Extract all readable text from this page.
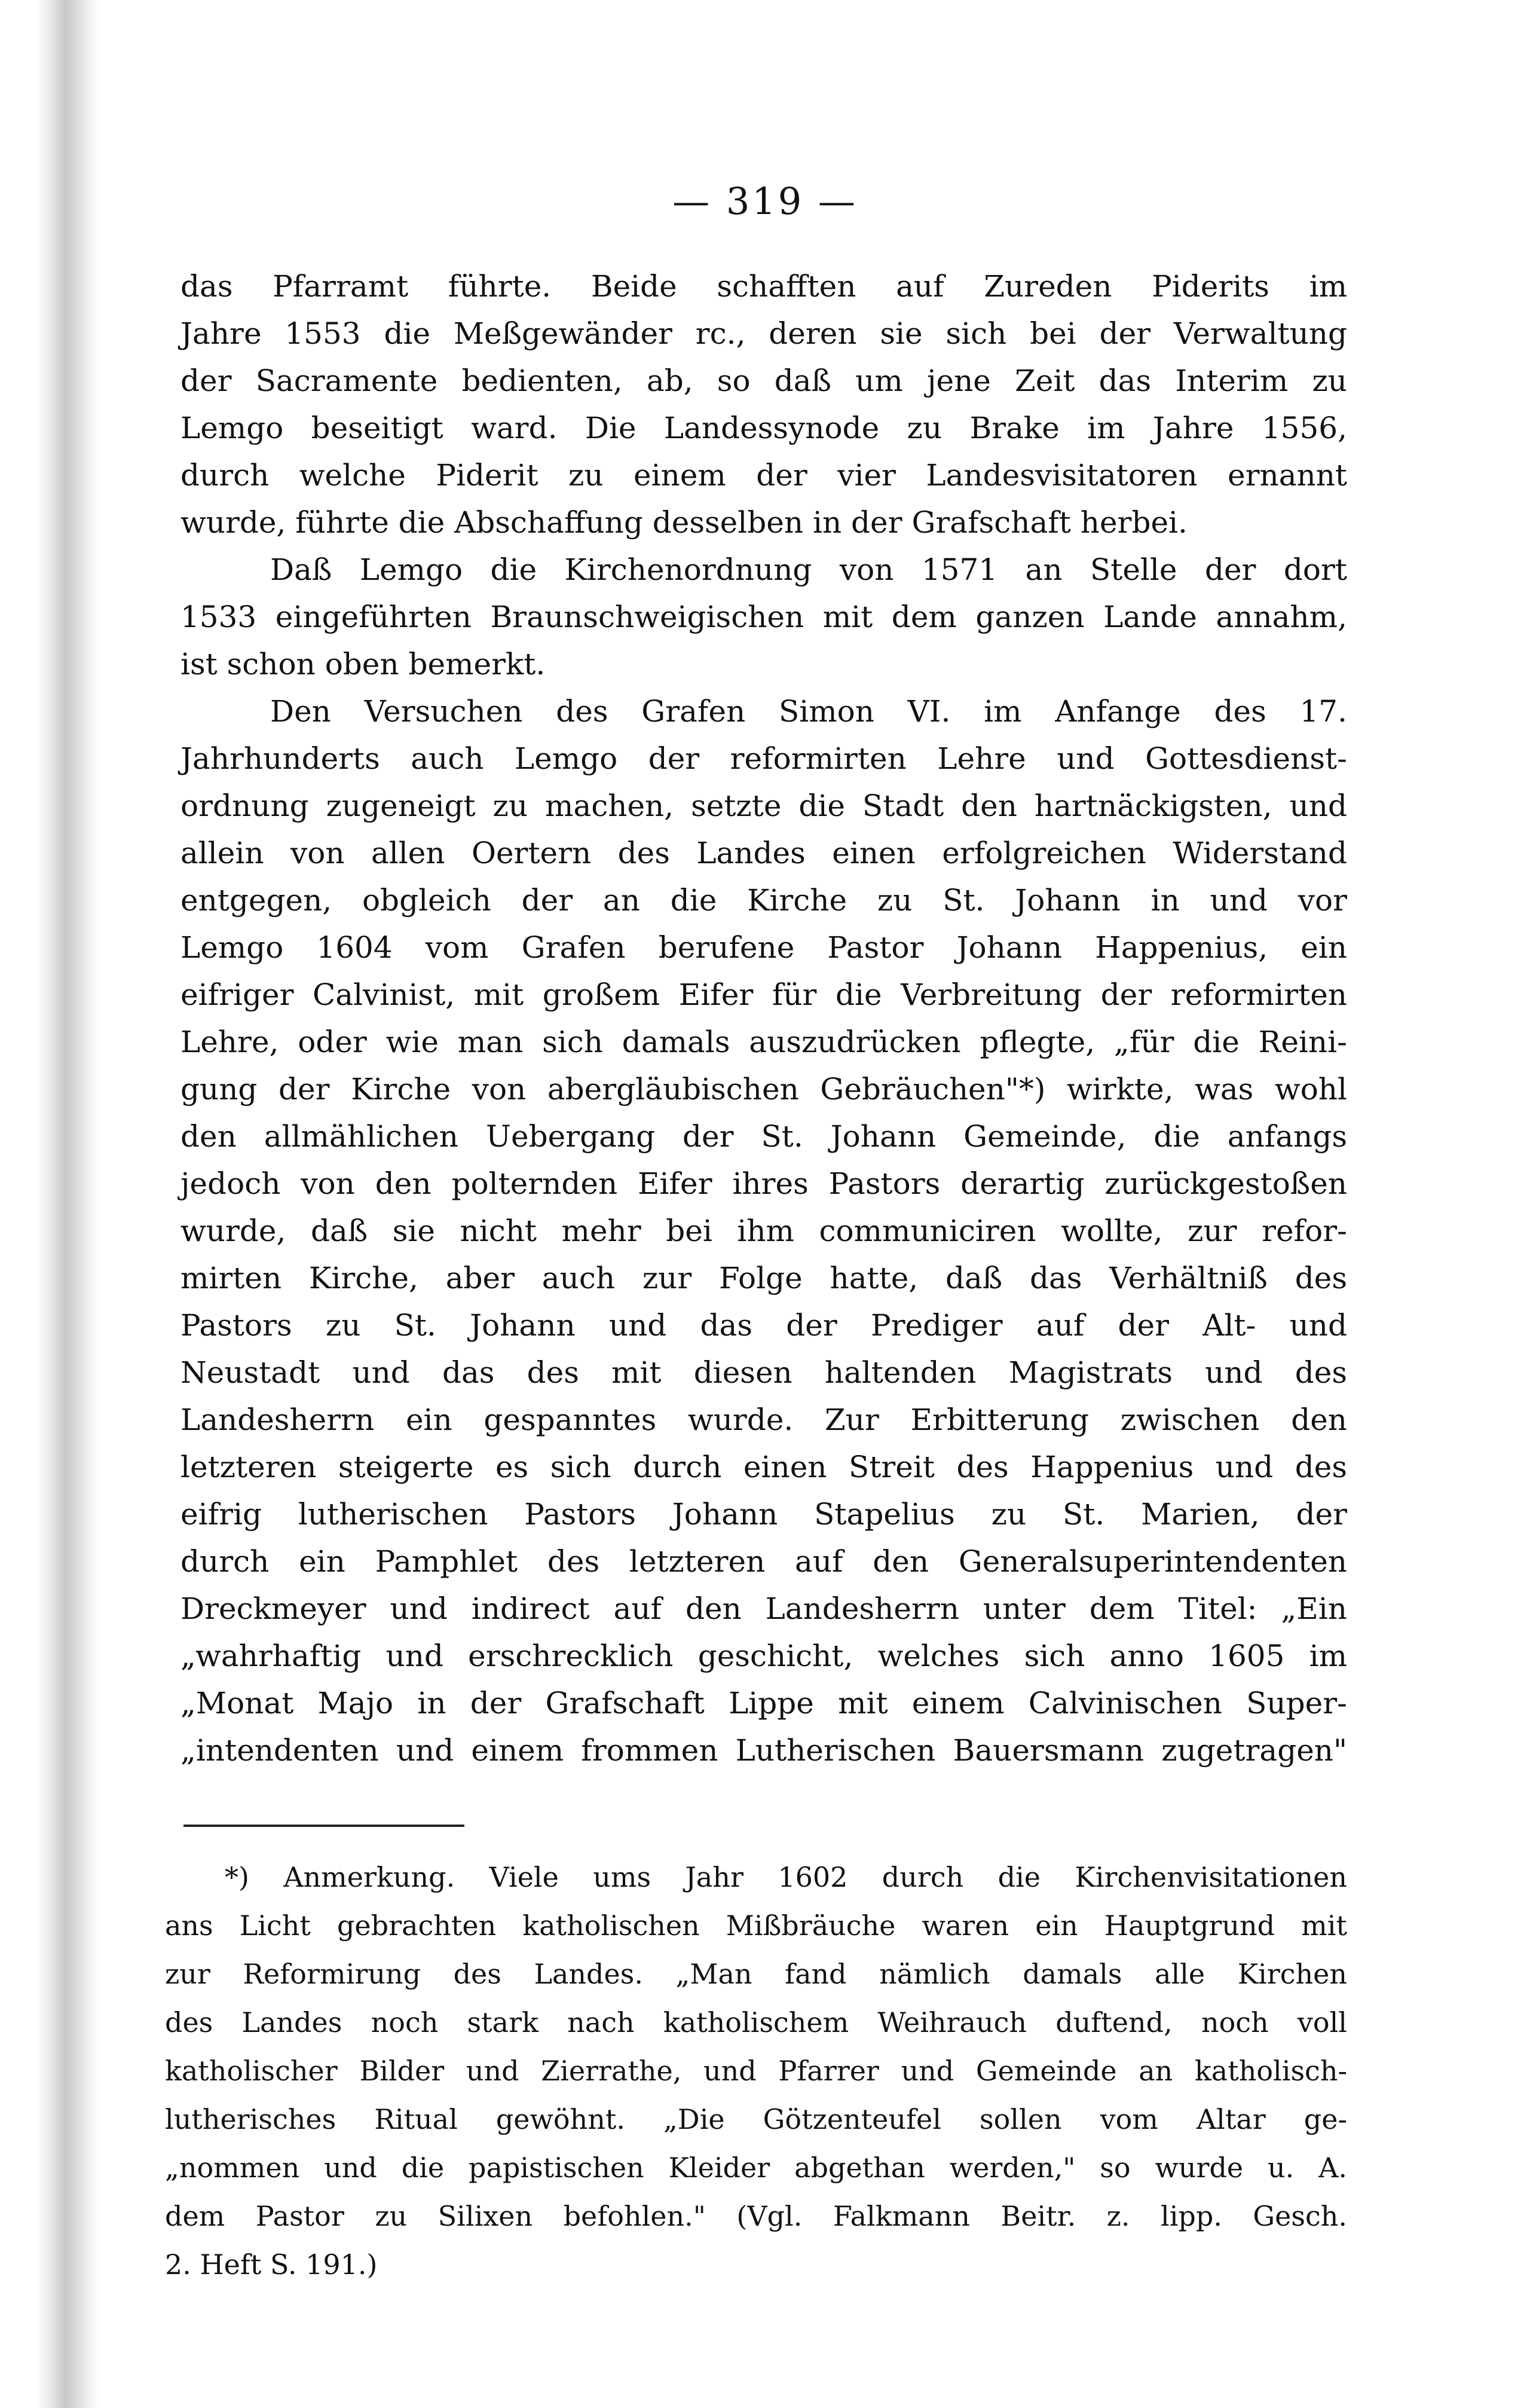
— 319 —
das Pfarramt führte. Beide schafften auf Zureden Piderits im
Jahre 1553 die Meßgewänder rc., deren sie sich bei der Verwaltung
der Sacramente bedienten, ab, so daß um jene Zeit das Interim zu
Lemgo beseitigt ward. Die Landessynode zu Brake im Jahre 1556,
durch welche Piderit zu einem der vier Landesvisitatoren ernannt
wurde, führte die Abschaffung desselben in der Grafschaft herbei.
Daß Lemgo die Kirchenordnung von 1571 an Stelle der dort
1533 eingeführten Braunschweigischen mit dem ganzen Lande annahm,
ist schon oben bemerkt.
Den Versuchen des Grafen Simon VI. im Anfange des 17.
Jahrhunderts auch Lemgo der reformirten Lehre und Gottesdienst-
ordnung zugeneigt zu machen, setzte die Stadt den hartnäckigsten, und
allein von allen Oertern des Landes einen erfolgreichen Widerstand
entgegen, obgleich der an die Kirche zu St. Johann in und vor
Lemgo 1604 vom Grafen berufene Pastor Johann Happenius, ein
eifriger Calvinist, mit großem Eifer für die Verbreitung der reformirten
Lehre, oder wie man sich damals auszudrücken pflegte, „für die Reini-
gung der Kirche von abergläubischen Gebräuchen"*) wirkte, was wohl
den allmählichen Uebergang der St. Johann Gemeinde, die anfangs
jedoch von den polternden Eifer ihres Pastors derartig zurückgestoßen
wurde, daß sie nicht mehr bei ihm communiciren wollte, zur refor-
mirten Kirche, aber auch zur Folge hatte, daß das Verhältniß des
Pastors zu St. Johann und das der Prediger auf der Alt- und
Neustadt und das des mit diesen haltenden Magistrats und des
Landesherrn ein gespanntes wurde. Zur Erbitterung zwischen den
letzteren steigerte es sich durch einen Streit des Happenius und des
eifrig lutherischen Pastors Johann Stapelius zu St. Marien, der
durch ein Pamphlet des letzteren auf den Generalsuperintendenten
Dreckmeyer und indirect auf den Landesherrn unter dem Titel: „Ein
„wahrhaftig und erschrecklich geschicht, welches sich anno 1605 im
„Monat Majo in der Grafschaft Lippe mit einem Calvinischen Super-
„intendenten und einem frommen Lutherischen Bauersmann zugetragen"
*) Anmerkung. Viele ums Jahr 1602 durch die Kirchenvisitationen
ans Licht gebrachten katholischen Mißbräuche waren ein Hauptgrund mit
zur Reformirung des Landes. „Man fand nämlich damals alle Kirchen
des Landes noch stark nach katholischem Weihrauch duftend, noch voll
katholischer Bilder und Zierrathe, und Pfarrer und Gemeinde an katholisch-
lutherisches Ritual gewöhnt. „Die Götzenteufel sollen vom Altar ge-
„nommen und die papistischen Kleider abgethan werden," so wurde u. A.
dem Pastor zu Silixen befohlen." (Vgl. Falkmann Beitr. z. lipp. Gesch.
2. Heft S. 191.)
